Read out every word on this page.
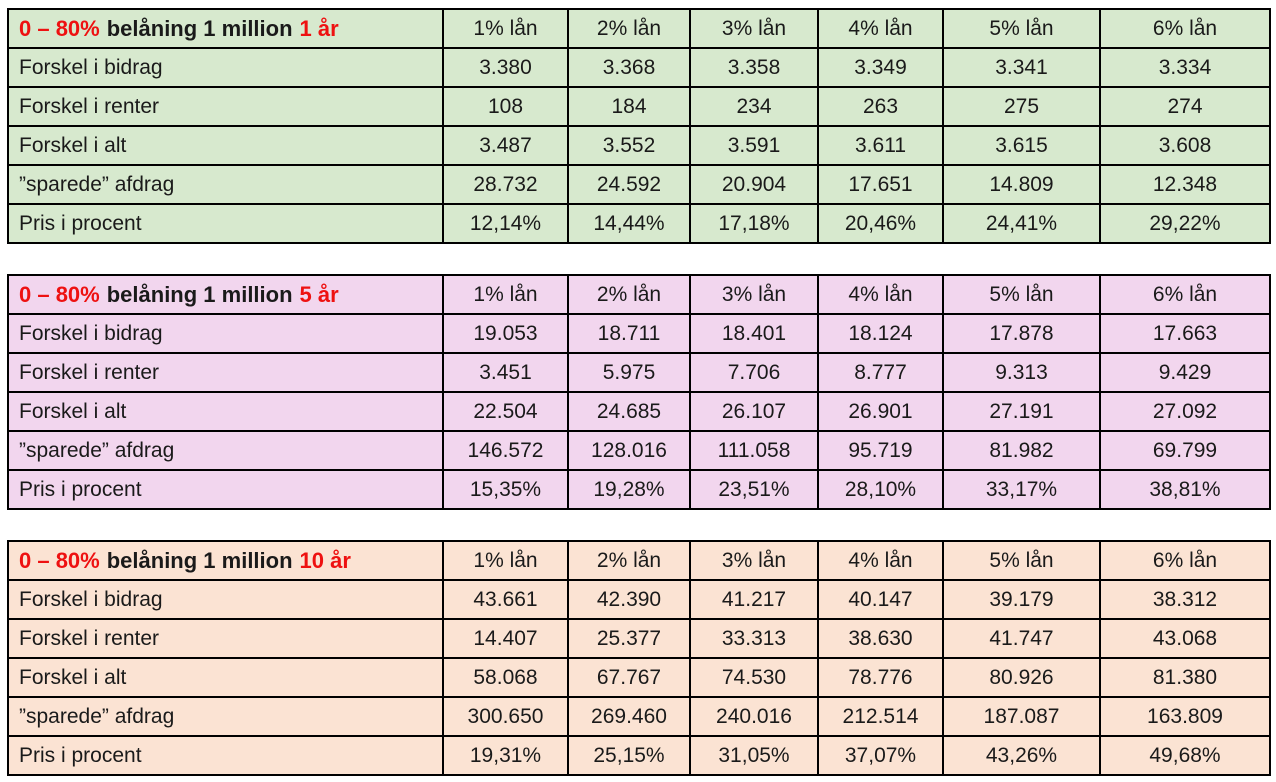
0 – 80% belåning 1 million 1 år	1% lån	2% lån	3% lån	4% lån	5% lån	6% lån
Forskel i bidrag	3.380	3.368	3.358	3.349	3.341	3.334
Forskel i renter	108	184	234	263	275	274
Forskel i alt	3.487	3.552	3.591	3.611	3.615	3.608
”sparede” afdrag	28.732	24.592	20.904	17.651	14.809	12.348
Pris i procent	12,14%	14,44%	17,18%	20,46%	24,41%	29,22%
0 – 80% belåning 1 million 5 år	1% lån	2% lån	3% lån	4% lån	5% lån	6% lån
Forskel i bidrag	19.053	18.711	18.401	18.124	17.878	17.663
Forskel i renter	3.451	5.975	7.706	8.777	9.313	9.429
Forskel i alt	22.504	24.685	26.107	26.901	27.191	27.092
”sparede” afdrag	146.572	128.016	111.058	95.719	81.982	69.799
Pris i procent	15,35%	19,28%	23,51%	28,10%	33,17%	38,81%
0 – 80% belåning 1 million 10 år	1% lån	2% lån	3% lån	4% lån	5% lån	6% lån
Forskel i bidrag	43.661	42.390	41.217	40.147	39.179	38.312
Forskel i renter	14.407	25.377	33.313	38.630	41.747	43.068
Forskel i alt	58.068	67.767	74.530	78.776	80.926	81.380
”sparede” afdrag	300.650	269.460	240.016	212.514	187.087	163.809
Pris i procent	19,31%	25,15%	31,05%	37,07%	43,26%	49,68%
